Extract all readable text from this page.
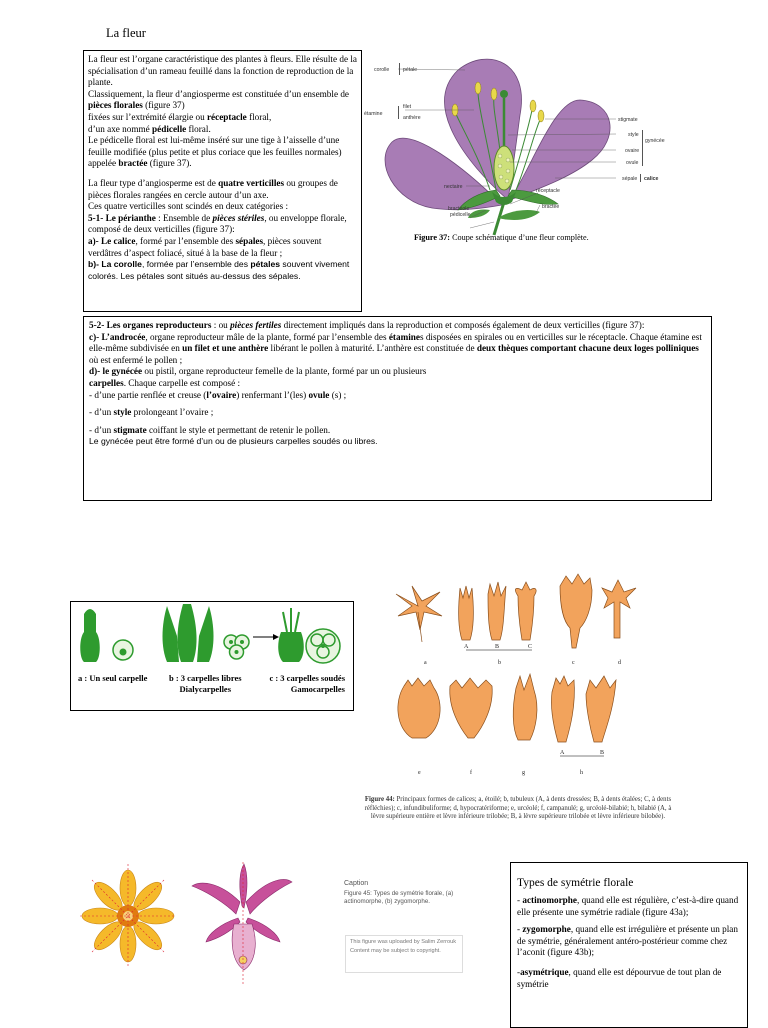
La fleur

La fleur est l’organe caractéristique des plantes à fleurs. Elle résulte de la spécialisation d’un rameau feuillé dans la fonction de reproduction de la plante.

Classiquement, la fleur d’angiosperme est constituée d’un ensemble de pièces florales (figure 37)

fixées sur l’extrémité élargie ou réceptacle floral,

d’un axe nommé pédicelle floral.

Le pédicelle floral est lui-même inséré sur une tige à l’aisselle d’une feuille modifiée (plus petite et plus coriace que les feuilles normales) appelée bractée (figure 37).

La fleur type d’angiosperme est de quatre verticilles ou groupes de pièces florales rangées en cercle autour d’un axe.

Ces quatre verticilles sont scindés en deux catégories :

5-1- Le périanthe : Ensemble de pièces stériles, ou enveloppe florale, composé de deux verticilles (figure 37):

a)- Le calice, formé par l’ensemble des sépales, pièces souvent verdâtres d’aspect foliacé, situé à la base de la fleur ;

b)- La corolle, formée par l’ensemble des pétales souvent vivement colorés. Les pétales sont situés au-dessus des sépales.

corolle	pétale
filet
étamine
anthère	stigmate
style
ovaire
ovule
gynécée
sépale calice
nectaire
réceptacle
bractéole
pédicelle
bractée
Figure 37: Coupe schématique d’une fleur complète.

5-2- Les organes reproducteurs : ou pièces fertiles directement impliqués dans la reproduction et composés également de deux verticilles (figure 37):

c)- L’androcée, organe reproducteur mâle de la plante, formé par l’ensemble des étamines disposées en spirales ou en verticilles sur le réceptacle. Chaque étamine est elle-même subdivisée en un filet et une anthère libérant le pollen à maturité. L’anthère est constituée de deux thèques comportant chacune deux loges polliniques où est enfermé le pollen ;

d)- le gynécée ou pistil, organe reproducteur femelle de la plante, formé par un ou plusieurs

carpelles. Chaque carpelle est composé :

- d’une partie renflée et creuse (l’ovaire) renfermant l’(les) ovule (s) ;

- d’un style prolongeant l’ovaire ;

- d’un stigmate coiffant le style et permettant de retenir le pollen.

Le gynécée peut être formé d’un ou de plusieurs carpelles soudés ou libres.

a : Un seul carpelle	b : 3 carpelles libres
Dialycarpelles
c : 3 carpelles soudés
Gamocarpelles
a
A	B	C
b	c	d
e	f	g
A	B
h
Figure 44: Principaux formes de calices; a, étoilé; b, tubuleux (A, à dents dressées; B, à dents étalées; C, à dents réfléchies); c, infundibuliforme; d, hypocratériforme; e, urcéolé; f, campanulé; g, urcéolé-bilabié; h, bilabié (A, à lèvre supérieure entière et lèvre inférieure trilobée; B, à lèvre supérieure trilobée et lèvre inférieure bilobée).
Caption
Figure 45: Types de symétrie florale, (a) actinomorphe, (b) zygomorphe.
This figure was uploaded by Salim Zerrouk
Content may be subject to copyright.
Types de symétrie florale

- actinomorphe, quand elle est régulière, c’est-à-dire quand elle présente une symétrie radiale (figure 43a);

- zygomorphe, quand elle est irrégulière et présente un plan de symétrie, généralement antéro-postérieur comme chez l’aconit (figure 43b);

-asymétrique, quand elle est dépourvue de tout plan de symétrie
